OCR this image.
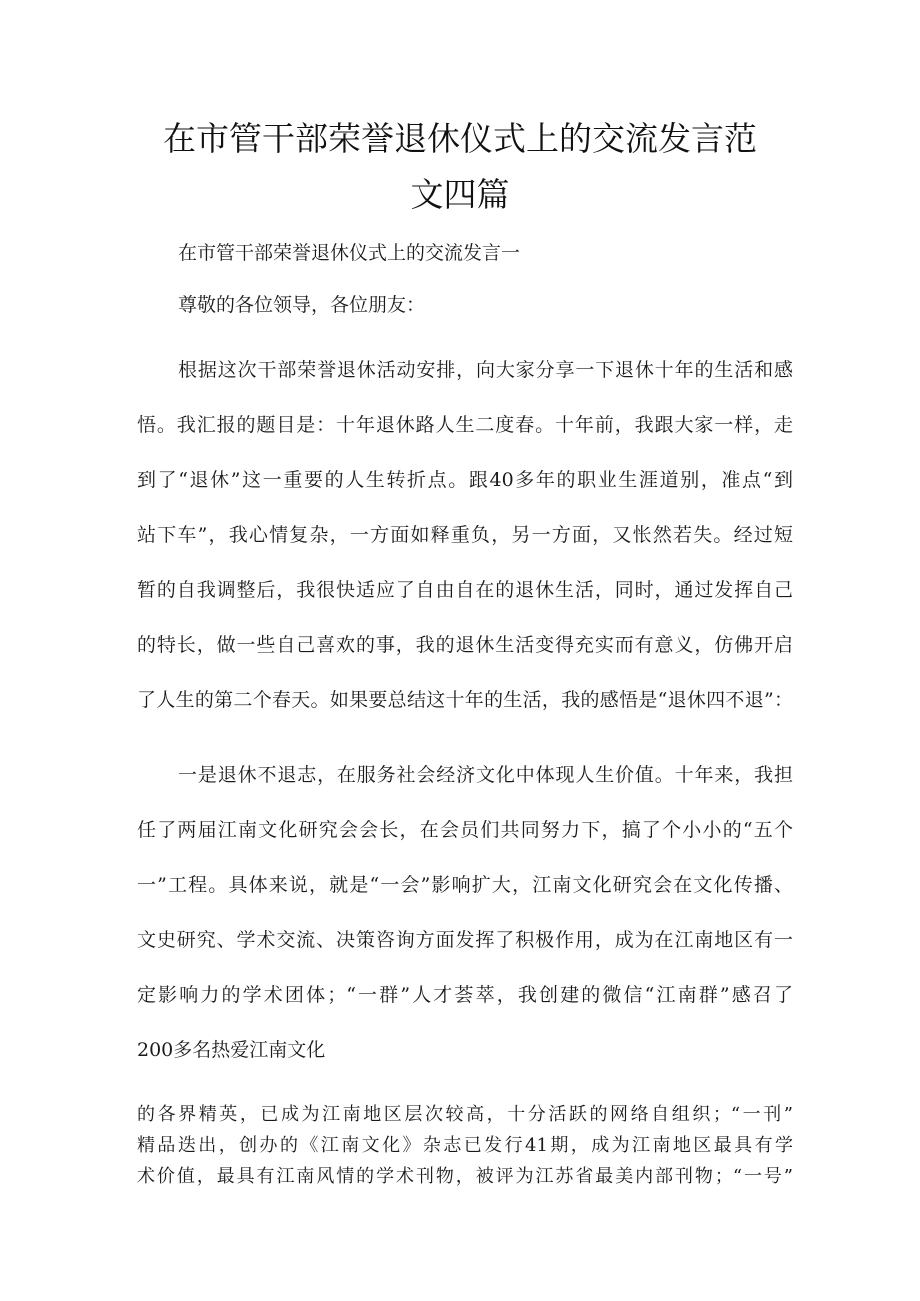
在市管干部荣誉退休仪式上的交流发言范
文四篇
在市管干部荣誉退休仪式上的交流发言一
尊敬的各位领导，各位朋友：
根据这次干部荣誉退休活动安排，向大家分享一下退休十年的生活和感
悟。我汇报的题目是：十年退休路人生二度春。十年前，我跟大家一样，走
到了“退休”这一重要的人生转折点。跟40多年的职业生涯道别，准点“到
站下车”，我心情复杂，一方面如释重负，另一方面，又怅然若失。经过短
暂的自我调整后，我很快适应了自由自在的退休生活，同时，通过发挥自己
的特长，做一些自己喜欢的事，我的退休生活变得充实而有意义，仿佛开启
了人生的第二个春天。如果要总结这十年的生活，我的感悟是“退休四不退”：
一是退休不退志，在服务社会经济文化中体现人生价值。十年来，我担
任了两届江南文化研究会会长，在会员们共同努力下，搞了个小小的“五个
一”工程。具体来说，就是“一会”影响扩大，江南文化研究会在文化传播、
文史研究、学术交流、决策咨询方面发挥了积极作用，成为在江南地区有一
定影响力的学术团体；“一群”人才荟萃，我创建的微信“江南群”感召了
200多名热爱江南文化
的各界精英，已成为江南地区层次较高，十分活跃的网络自组织；“一刊”
精品迭出，创办的《江南文化》杂志已发行41期，成为江南地区最具有学
术价值，最具有江南风情的学术刊物，被评为江苏省最美内部刊物；“一号”
